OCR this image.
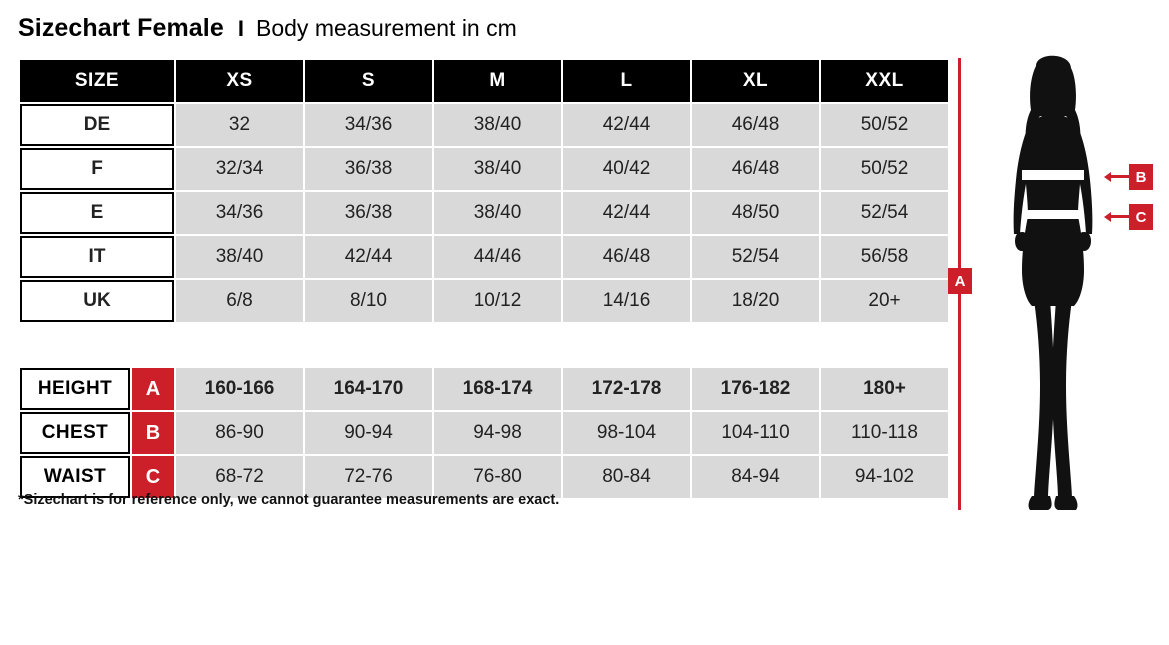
Sizechart Female I Body measurement in cm
SIZE	XS	S	M	L	XL	XXL
DE	32	34/36	38/40	42/44	46/48	50/52
F	32/34	36/38	38/40	40/42	46/48	50/52
E	34/36	36/38	38/40	42/44	48/50	52/54
IT	38/40	42/44	44/46	46/48	52/54	56/58
UK	6/8	8/10	10/12	14/16	18/20	20+

HEIGHT A	160-166	164-170	168-174	172-178	176-182	180+

CHEST B	86-90	90-94	94-98	98-104	104-110	110-118

WAIST C	68-72	72-76	76-80	80-84	84-94	94-102
*Sizechart is for reference only, we cannot guarantee measurements are exact.
A
B
C
